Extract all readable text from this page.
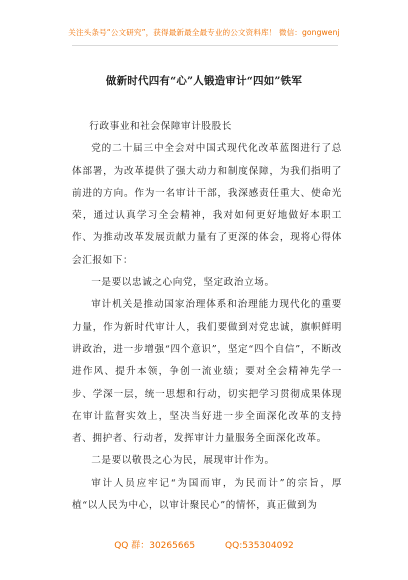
关注头条号“公文研究”，获得最新最全最专业的公文资料库！ 微信：gongwenj
做新时代四有“心”人锻造审计“四如”铁军

行政事业和社会保障审计股股长

党的二十届三中全会对中国式现代化改革蓝图进行了总体部署，为改革提供了强大动力和制度保障，为我们指明了前进的方向。作为一名审计干部，我深感责任重大、使命光荣，通过认真学习全会精神，我对如何更好地做好本职工作、为推动改革发展贡献力量有了更深的体会，现将心得体会汇报如下：

一是要以忠诚之心向党，坚定政治立场。

审计机关是推动国家治理体系和治理能力现代化的重要力量，作为新时代审计人，我们要做到对党忠诚，旗帜鲜明讲政治，进一步增强“四个意识”，坚定“四个自信”，不断改进作风、提升本领，争创一流业绩；要对全会精神先学一步、学深一层，统一思想和行动，切实把学习贯彻成果体现在审计监督实效上，坚决当好进一步全面深化改革的支持者、拥护者、行动者，发挥审计力量服务全面深化改革。

二是要以敬畏之心为民，展现审计作为。

审计人员应牢记“为国而审，为民而计”的宗旨，厚植“以人民为中心，以审计聚民心”的情怀，真正做到为

QQ 群：30265665	QQ:535304092
